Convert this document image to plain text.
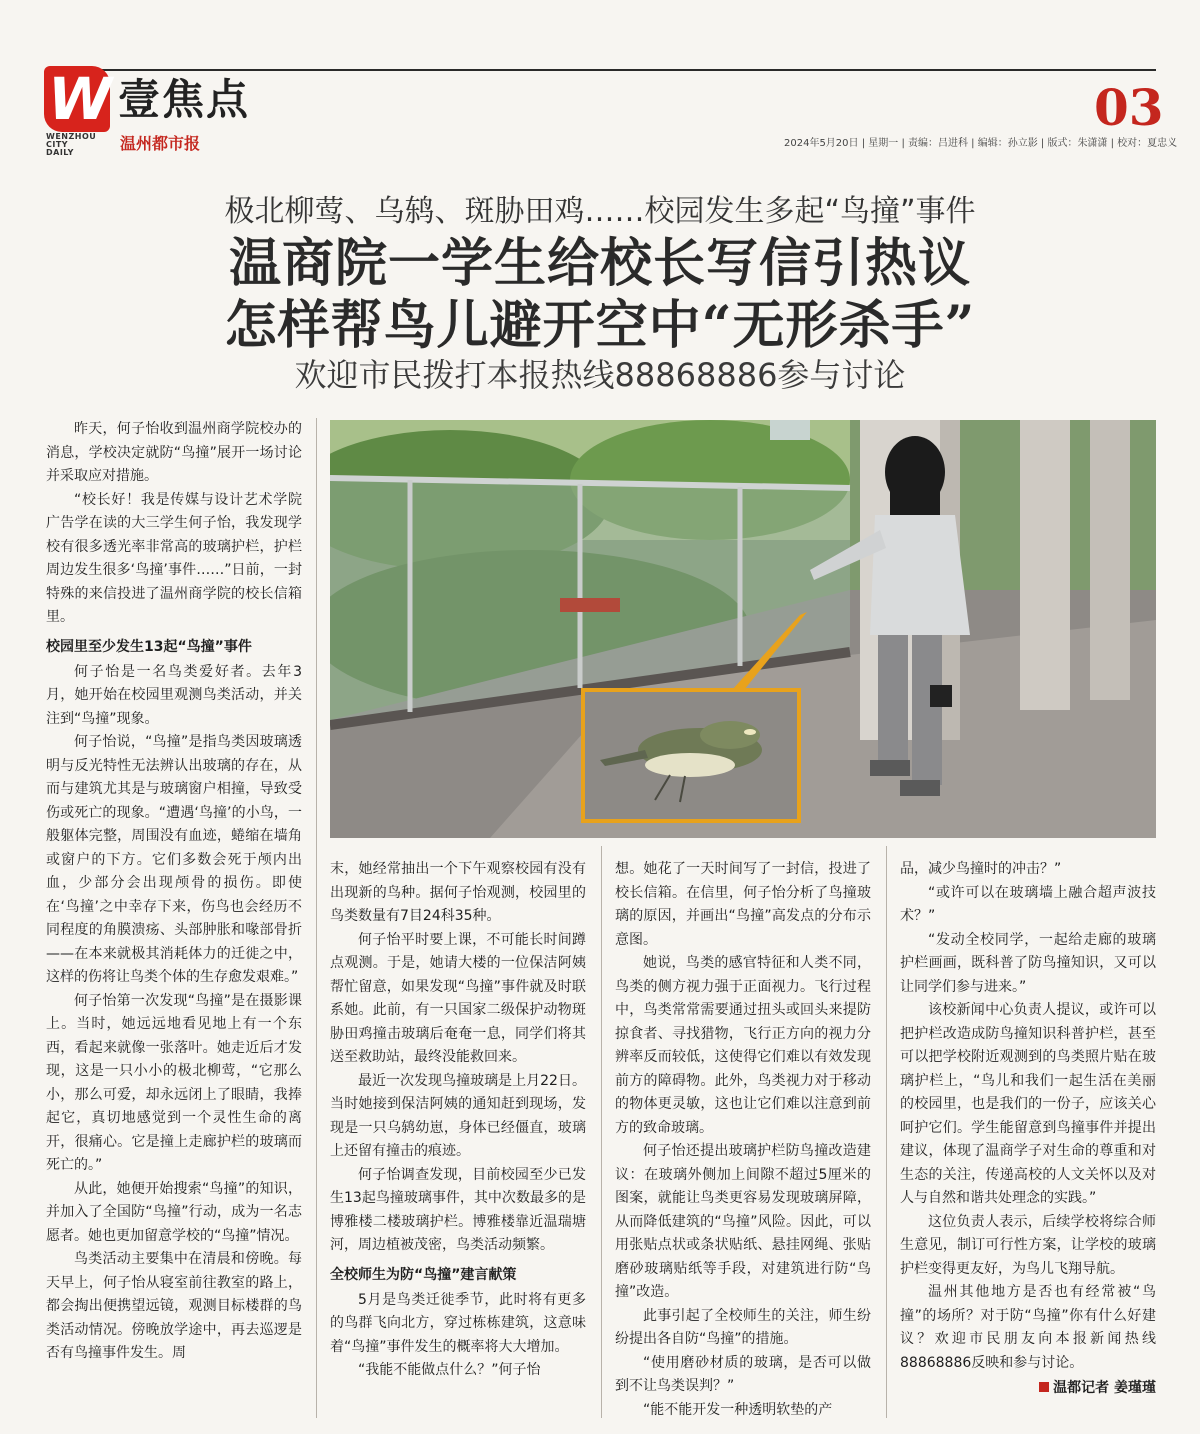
W
WENZHOU CITY DAILY
壹焦点
温州都市报
03
2024年5月20日 | 星期一 | 责编：吕进科 | 编辑：孙立影 | 版式：朱潇潇 | 校对：夏忠义
极北柳莺、乌鸫、斑胁田鸡……校园发生多起“鸟撞”事件
温商院一学生给校长写信引热议
怎样帮鸟儿避开空中“无形杀手”
欢迎市民拨打本报热线88868886参与讨论

昨天，何子怡收到温州商学院校办的消息，学校决定就防“鸟撞”展开一场讨论并采取应对措施。

“校长好！我是传媒与设计艺术学院广告学在读的大三学生何子怡，我发现学校有很多透光率非常高的玻璃护栏，护栏周边发生很多‘鸟撞’事件……”日前，一封特殊的来信投进了温州商学院的校长信箱里。

校园里至少发生13起“鸟撞”事件

何子怡是一名鸟类爱好者。去年3月，她开始在校园里观测鸟类活动，并关注到“鸟撞”现象。

何子怡说，“鸟撞”是指鸟类因玻璃透明与反光特性无法辨认出玻璃的存在，从而与建筑尤其是与玻璃窗户相撞，导致受伤或死亡的现象。“遭遇‘鸟撞’的小鸟，一般躯体完整，周围没有血迹，蜷缩在墙角或窗户的下方。它们多数会死于颅内出血，少部分会出现颅骨的损伤。即使在‘鸟撞’之中幸存下来，伤鸟也会经历不同程度的角膜溃疡、头部肿胀和喙部骨折——在本来就极其消耗体力的迁徙之中，这样的伤将让鸟类个体的生存愈发艰难。”

何子怡第一次发现“鸟撞”是在摄影课上。当时，她远远地看见地上有一个东西，看起来就像一张落叶。她走近后才发现，这是一只小小的极北柳莺，“它那么小，那么可爱，却永远闭上了眼睛，我捧起它，真切地感觉到一个灵性生命的离开，很痛心。它是撞上走廊护栏的玻璃而死亡的。”

从此，她便开始搜索“鸟撞”的知识，并加入了全国防“鸟撞”行动，成为一名志愿者。她也更加留意学校的“鸟撞”情况。

鸟类活动主要集中在清晨和傍晚。每天早上，何子怡从寝室前往教室的路上，都会掏出便携望远镜，观测目标楼群的鸟类活动情况。傍晚放学途中，再去巡逻是否有鸟撞事件发生。周

末，她经常抽出一个下午观察校园有没有出现新的鸟种。据何子怡观测，校园里的鸟类数量有7目24科35种。

何子怡平时要上课，不可能长时间蹲点观测。于是，她请大楼的一位保洁阿姨帮忙留意，如果发现“鸟撞”事件就及时联系她。此前，有一只国家二级保护动物斑胁田鸡撞击玻璃后奄奄一息，同学们将其送至救助站，最终没能救回来。

最近一次发现鸟撞玻璃是上月22日。当时她接到保洁阿姨的通知赶到现场，发现是一只乌鸫幼崽，身体已经僵直，玻璃上还留有撞击的痕迹。

何子怡调查发现，目前校园至少已发生13起鸟撞玻璃事件，其中次数最多的是博雅楼二楼玻璃护栏。博雅楼靠近温瑞塘河，周边植被茂密，鸟类活动频繁。

全校师生为防“鸟撞”建言献策

5月是鸟类迁徙季节，此时将有更多的鸟群飞向北方，穿过栋栋建筑，这意味着“鸟撞”事件发生的概率将大大增加。

“我能不能做点什么？”何子怡

想。她花了一天时间写了一封信，投进了校长信箱。在信里，何子怡分析了鸟撞玻璃的原因，并画出“鸟撞”高发点的分布示意图。

她说，鸟类的感官特征和人类不同，鸟类的侧方视力强于正面视力。飞行过程中，鸟类常常需要通过扭头或回头来提防掠食者、寻找猎物，飞行正方向的视力分辨率反而较低，这使得它们难以有效发现前方的障碍物。此外，鸟类视力对于移动的物体更灵敏，这也让它们难以注意到前方的致命玻璃。

何子怡还提出玻璃护栏防鸟撞改造建议：在玻璃外侧加上间隙不超过5厘米的图案，就能让鸟类更容易发现玻璃屏障，从而降低建筑的“鸟撞”风险。因此，可以用张贴点状或条状贴纸、悬挂网绳、张贴磨砂玻璃贴纸等手段，对建筑进行防“鸟撞”改造。

此事引起了全校师生的关注，师生纷纷提出各自防“鸟撞”的措施。

“使用磨砂材质的玻璃，是否可以做到不让鸟类误判？”

“能不能开发一种透明软垫的产

品，减少鸟撞时的冲击？”

“或许可以在玻璃墙上融合超声波技术？”

“发动全校同学，一起给走廊的玻璃护栏画画，既科普了防鸟撞知识，又可以让同学们参与进来。”

该校新闻中心负责人提议，或许可以把护栏改造成防鸟撞知识科普护栏，甚至可以把学校附近观测到的鸟类照片贴在玻璃护栏上，“鸟儿和我们一起生活在美丽的校园里，也是我们的一份子，应该关心呵护它们。学生能留意到鸟撞事件并提出建议，体现了温商学子对生命的尊重和对生态的关注，传递高校的人文关怀以及对人与自然和谐共处理念的实践。”

这位负责人表示，后续学校将综合师生意见，制订可行性方案，让学校的玻璃护栏变得更友好，为鸟儿飞翔导航。

温州其他地方是否也有经常被“鸟撞”的场所？对于防“鸟撞”你有什么好建议？欢迎市民朋友向本报新闻热线88868886反映和参与讨论。

温都记者 姜瑾瑾
